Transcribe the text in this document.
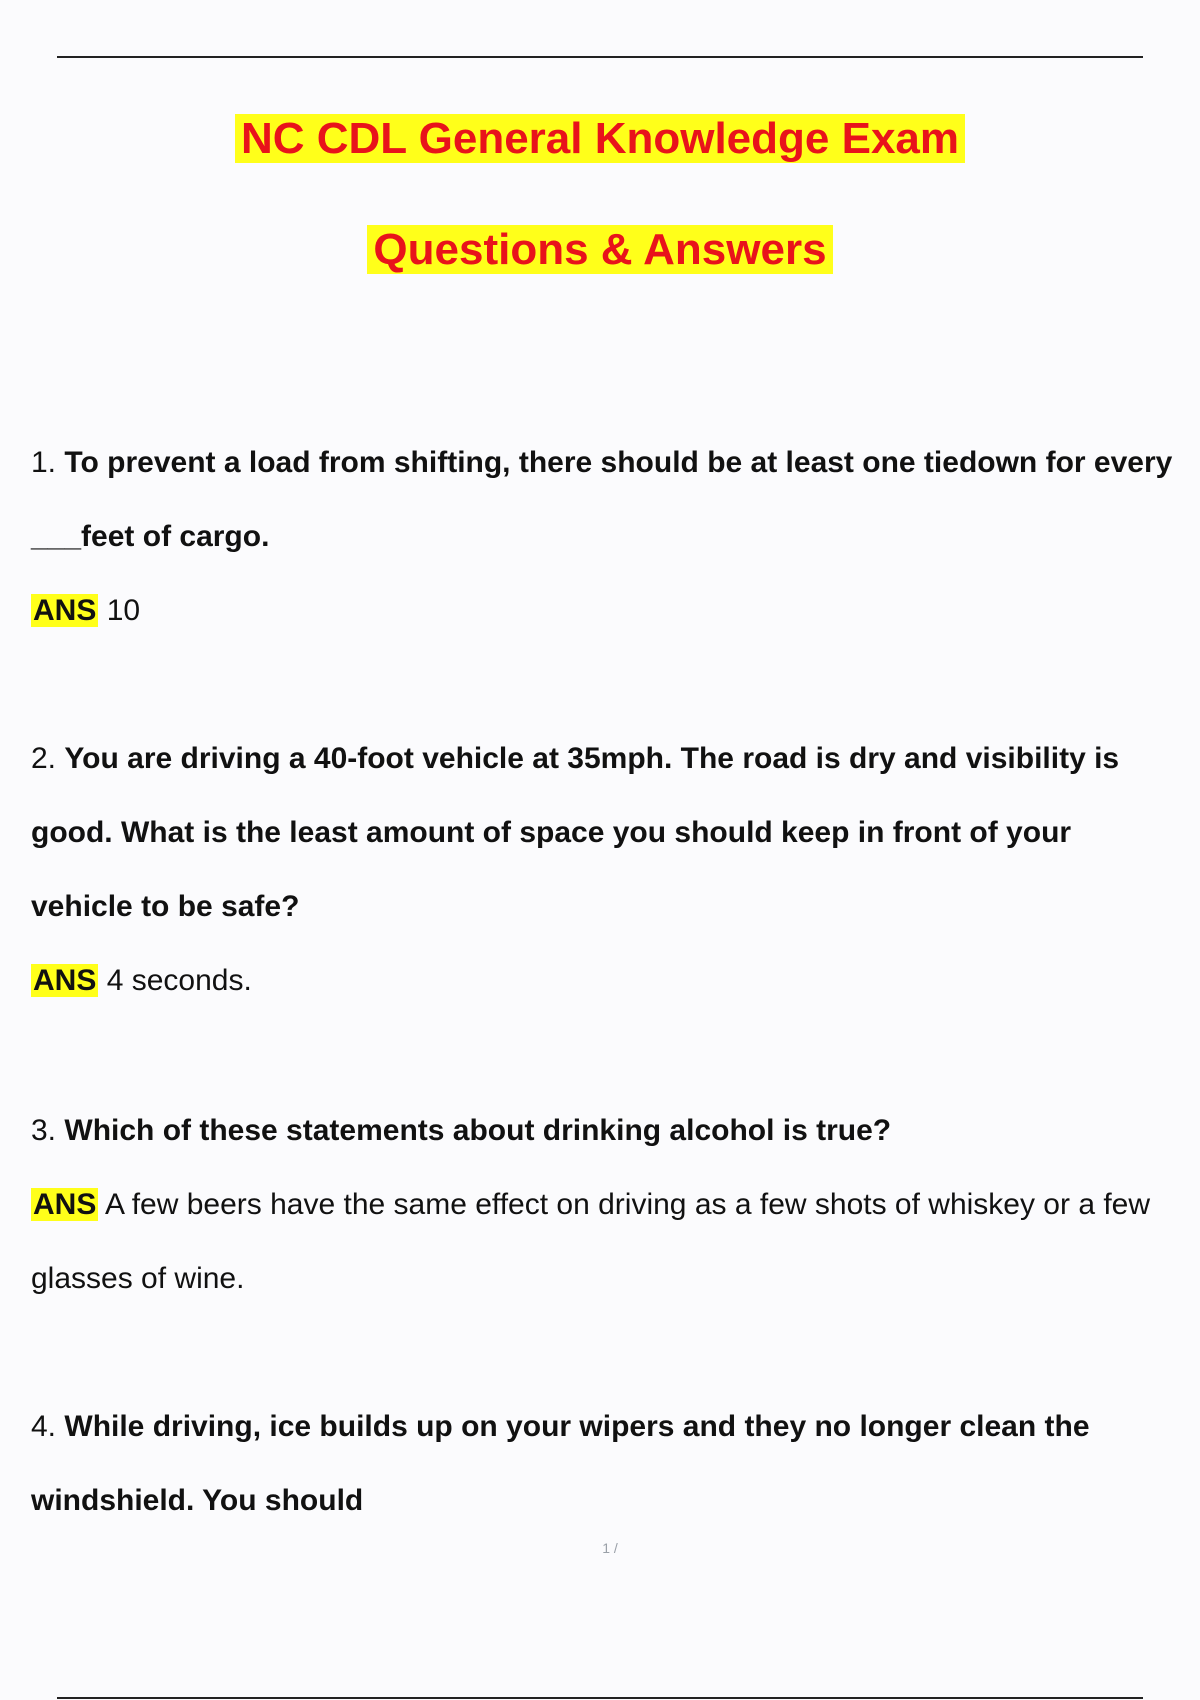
NC CDL General Knowledge Exam
Questions & Answers
1. To prevent a load from shifting, there should be at least one tiedown for every ___feet of cargo.
ANS 10
2. You are driving a 40-foot vehicle at 35mph. The road is dry and visibility is good. What is the least amount of space you should keep in front of your vehicle to be safe?
ANS 4 seconds.
3. Which of these statements about drinking alcohol is true?
ANS A few beers have the same effect on driving as a few shots of whiskey or a few glasses of wine.
4. While driving, ice builds up on your wipers and they no longer clean the windshield. You should
1 /
